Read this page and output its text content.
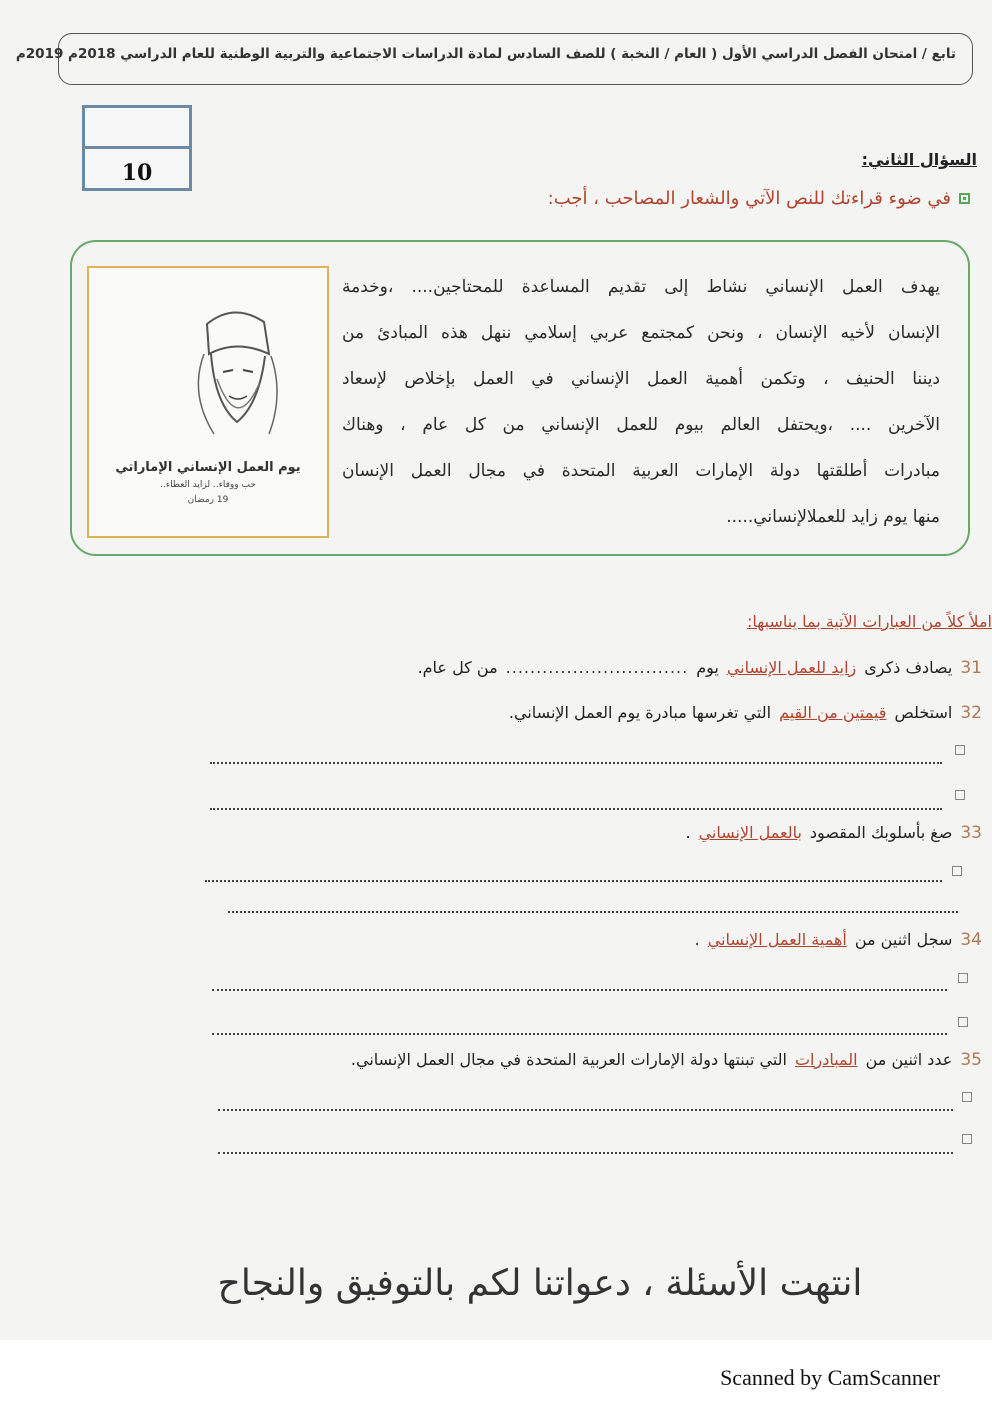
تابع / امتحان الفصل الدراسي الأول ( العام / النخبة ) للصف السادس لمادة الدراسات الاجتماعية والتربية الوطنية للعام الدراسي 2018م 2019م
10
السؤال الثاني:
في ضوء قراءتك للنص الآتي والشعار المصاحب ، أجب:
يوم العمل الإنساني الإماراتي
حب ووفاء.. لزايد العطاء..
19 رمضان
يهدف العمل الإنساني نشاط إلى تقديم المساعدة للمحتاجين.... ،وخدمة
الإنسان لأخيه الإنسان ، ونحن كمجتمع عربي إسلامي ننهل هذه المبادئ من
ديننا الحنيف ، وتكمن أهمية العمل الإنساني في العمل بإخلاص لإسعاد
الآخرين .... ،ويحتفل العالم بيوم للعمل الإنساني من كل عام ، وهناك
مبادرات أطلقتها دولة الإمارات العربية المتحدة في مجال العمل الإنسان
منها يوم زايد للعملالإنساني.....
املأ كلاً من العبارات الآتية بما يناسبها:
31
يصادف ذكرى
زايد للعمل الإنساني
يوم
..............................
من كل عام.
32
استخلص
قيمتين من القيم
التي تغرسها مبادرة يوم العمل الإنساني.
33
صغ بأسلوبك المقصود
بالعمل الإنساني
.
34
سجل اثنين من
أهمية العمل الإنساني
.
35
عدد اثنين من
المبادرات
التي تبنتها دولة الإمارات العربية المتحدة في مجال العمل الإنساني.
انتهت الأسئلة ، دعواتنا لكم بالتوفيق والنجاح
Scanned by CamScanner
